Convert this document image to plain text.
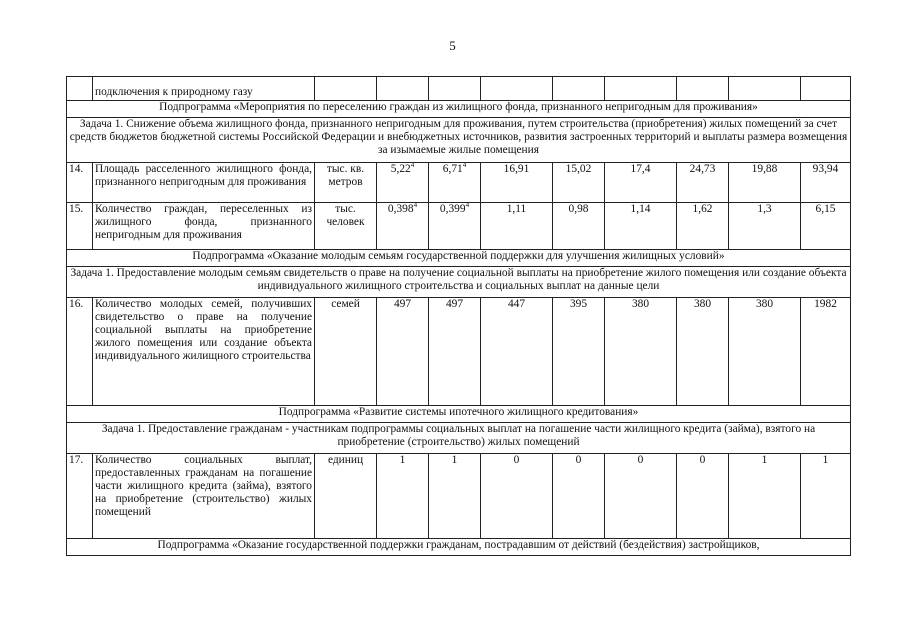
5
	подключения к природному газу									
Подпрограмма «Мероприятия по переселению граждан из жилищного фонда, признанного непригодным для проживания»										
Задача 1. Снижение объема жилищного фонда, признанного непригодным для проживания, путем строительства (приобретения) жилых помещений за счет средств бюджетов бюджетной системы Российской Федерации и внебюджетных источников, развития застроенных территорий и выплаты размера возмещения за изымаемые жилые помещения										
14.	Площадь расселенного жилищного фонда, признанного непригодным для проживания	тыс. кв. метров	5,22$^4$	6,71$^4$	16,91	15,02	17,4	24,73	19,88	93,94
15.	Количество граждан, переселенных из жилищного фонда, признанного непригодным для проживания	тыс. человек	0,398$^4$	0,399$^4$	1,11	0,98	1,14	1,62	1,3	6,15
Подпрограмма «Оказание молодым семьям государственной поддержки для улучшения жилищных условий»										
Задача 1. Предоставление молодым семьям свидетельств о праве на получение социальной выплаты на приобретение жилого помещения или создание объекта индивидуального жилищного строительства и социальных выплат на данные цели										
16.	Количество молодых семей, получивших свидетельство о праве на получение социальной выплаты на приобретение жилого помещения или создание объекта индивидуального жилищного строительства	семей	497	497	447	395	380	380	380	1982
Подпрограмма «Развитие системы ипотечного жилищного кредитования»										
Задача 1. Предоставление гражданам - участникам подпрограммы социальных выплат на погашение части жилищного кредита (займа), взятого на приобретение (строительство) жилых помещений										
17.	Количество социальных выплат, предоставленных гражданам на погашение части жилищного кредита (займа), взятого на приобретение (строительство) жилых помещений	единиц	1	1	0	0	0	0	1	1
Подпрограмма «Оказание государственной поддержки гражданам, пострадавшим от действий (бездействия) застройщиков,										
